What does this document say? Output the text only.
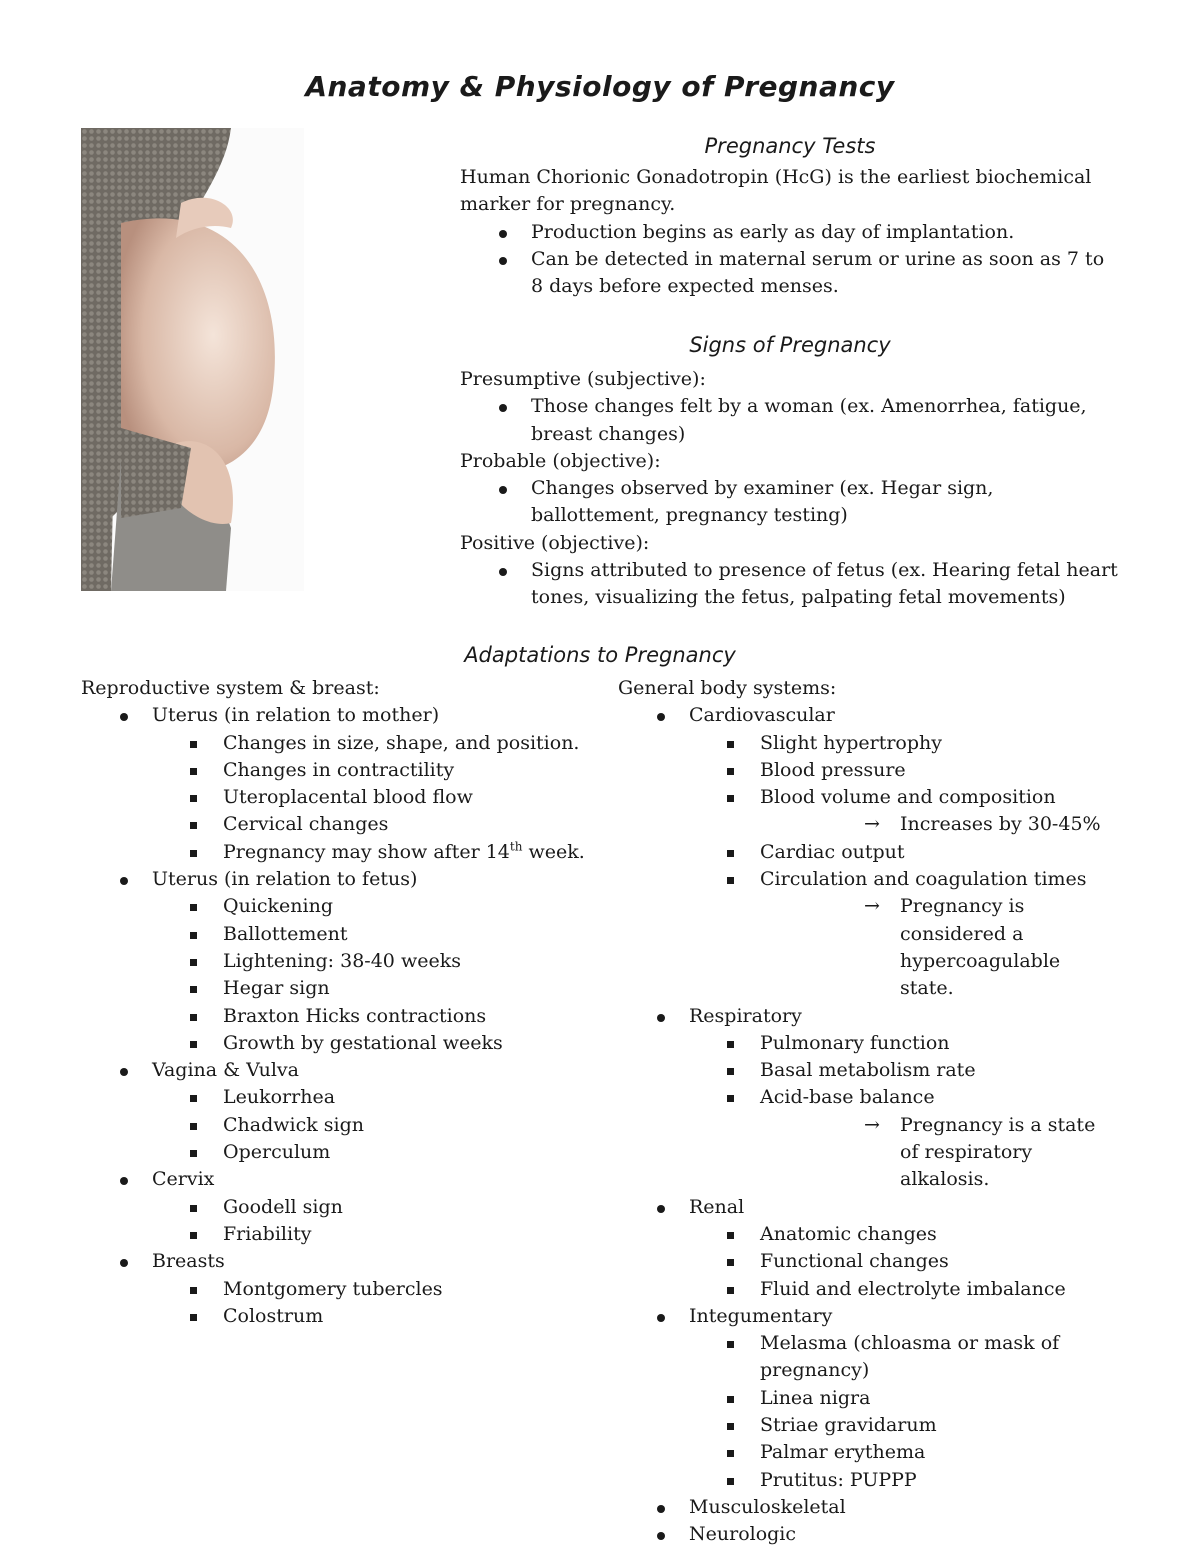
Anatomy & Physiology of Pregnancy
Pregnancy Tests

Human Chorionic Gonadotropin (HcG) is the earliest biochemical marker for pregnancy.

Production begins as early as day of implantation.
Can be detected in maternal serum or urine as soon as 7 to 8 days before expected menses.
Signs of Pregnancy

Presumptive (subjective):

Those changes felt by a woman (ex. Amenorrhea, fatigue, breast changes)

Probable (objective):

Changes observed by examiner (ex. Hegar sign, ballottement, pregnancy testing)

Positive (objective):

Signs attributed to presence of fetus (ex. Hearing fetal heart tones, visualizing the fetus, palpating fetal movements)
Adaptations to Pregnancy

Reproductive system & breast:

Uterus (in relation to mother)
Changes in size, shape, and position.
Changes in contractility
Uteroplacental blood flow
Cervical changes
Pregnancy may show after 14th week.
Uterus (in relation to fetus)
Quickening
Ballottement
Lightening: 38-40 weeks
Hegar sign
Braxton Hicks contractions
Growth by gestational weeks
Vagina & Vulva
Leukorrhea
Chadwick sign
Operculum
Cervix
Goodell sign
Friability
Breasts
Montgomery tubercles
Colostrum

General body systems:

Cardiovascular
Slight hypertrophy
Blood pressure
Blood volume and composition
→ Increases by 30-45%
Cardiac output
Circulation and coagulation times
→ Pregnancy is considered a hypercoagulable state.
Respiratory
Pulmonary function
Basal metabolism rate
Acid-base balance
→ Pregnancy is a state of respiratory alkalosis.
Renal
Anatomic changes
Functional changes
Fluid and electrolyte imbalance
Integumentary
Melasma (chloasma or mask of pregnancy)
Linea nigra
Striae gravidarum
Palmar erythema
Prutitus: PUPPP
Musculoskeletal
Neurologic
